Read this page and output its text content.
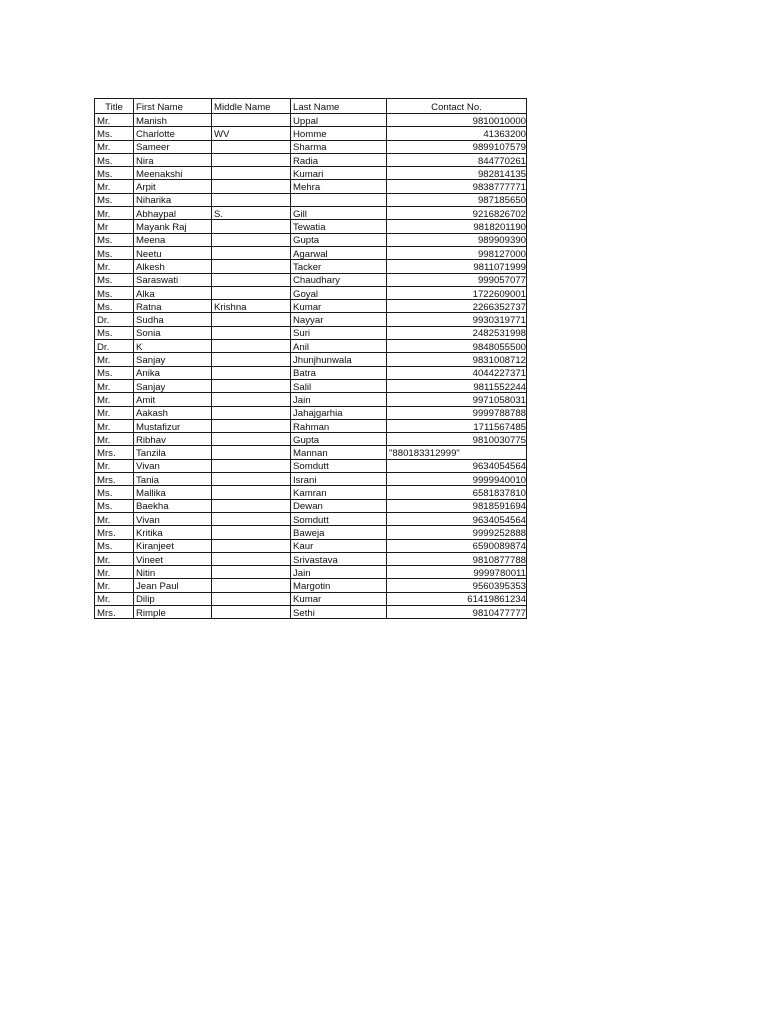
Title	First Name	Middle Name	Last Name	Contact No.
Mr.	Manish		Uppal	9810010000
Ms.	Charlotte	WV	Homme	41363200
Mr.	Sameer		Sharma	9899107579
Ms.	Nira		Radia	844770261
Ms.	Meenakshi		Kumari	982814135
Mr.	Arpit		Mehra	9838777771
Ms.	Niharika			987185650
Mr.	Abhaypal	S.	Gill	9216826702
Mr	Mayank Raj		Tewatia	9818201190
Ms.	Meena		Gupta	989909390
Ms.	Neetu		Agarwal	998127000
Mr.	Alkesh		Tacker	9811071999
Ms.	Saraswati		Chaudhary	999057077
Ms.	Alka		Goyal	1722609001
Ms.	Ratna	Krishna	Kumar	2266352737
Dr.	Sudha		Nayyar	9930319771
Ms.	Sonia		Suri	2482531998
Dr.	K		Anil	9848055500
Mr.	Sanjay		Jhunjhunwala	9831008712
Ms.	Anika		Batra	4044227371
Mr.	Sanjay		Salil	9811552244
Mr.	Amit		Jain	9971058031
Mr.	Aakash		Jahajgarhia	9999788788
Mr.	Mustafizur		Rahman	1711567485
Mr.	Ribhav		Gupta	9810030775
Mrs.	Tanzila		Mannan	"880183312999"
Mr.	Vivan		Somdutt	9634054564
Mrs.	Tania		Israni	9999940010
Ms.	Mallika		Kamran	6581837810
Ms.	Baekha		Dewan	9818591694
Mr.	Vivan		Somdutt	9634054564
Mrs.	Kritika		Baweja	9999252888
Ms.	Kiranjeet		Kaur	6590089874
Mr.	Vineet		Srivastava	9810877788
Mr.	Nitin		Jain	9999780011
Mr.	Jean Paul		Margotin	9560395353
Mr.	Dilip		Kumar	61419861234
Mrs.	Rimple		Sethi	9810477777
